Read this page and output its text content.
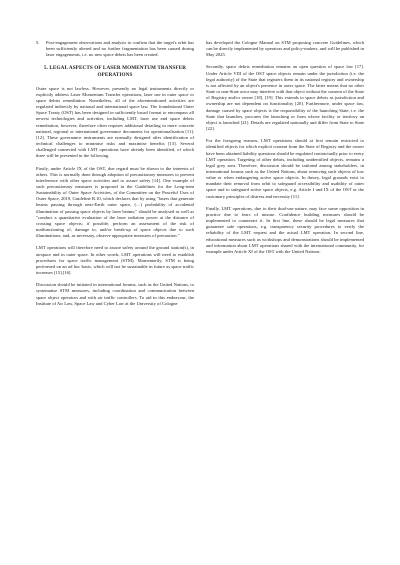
5.	Post-engagement observations and analysis to confirm that the target's orbit has been sufficiently altered and no further fragmentation has been caused during laser engagements, i.e. no new space debris has been created.
5. LEGAL ASPECTS OF LASER MOMENTUM TRANSFER OPERATIONS

Outer space is not lawless. However, presently no legal instruments directly or explicitly address Laser Momentum Transfer operations, laser use in outer space or space debris remediation. Nonetheless, all of the aforementioned activities are regulated indirectly by national and international space law. The foundational Outer Space Treaty (OST) has been designed in sufficiently broad format to encompass all newest technologies and activities, including LMT, laser use and space debris remediation, however, therefore often requires additional detailing in more concrete national, regional or international governance documents for operationalisation [11], [12]. These governance instruments are normally designed after identification of technical challenges to minimise risks and maximise benefits [13]. Several challenged connected with LMT operations have already been identified, of which three will be presented in the following.

Firstly, under Article IX of the OST, due regard must be shown to the interests of others. This is normally done through adoption of precautionary measures to prevent interference with other space activities and to assure safety [14]. One example of such precautionary measures is proposed in the Guidelines for the Long-term Sustainability of Outer Space Activities, of the Committee on the Peaceful Uses of Outer Space, 2019, Guideline B.10, which declares that by using "lasers that generate beams passing through near-Earth outer space, (…) probability of accidental illumination of passing space objects by laser beams;" should be analysed as well as "conduct a quantitative evaluation of the laser radiation power at the distance of crossing space objects; if possible, perform an assessment of the risk of malfunctioning of, damage to, and/or break-up of space objects due to such illuminations; and, as necessary, observe appropriate measures of precaution."

LMT operations will therefore need to assure safety around the ground station(s), in airspace and in outer space. In other words, LMT operations will need to establish procedures for space traffic management (STM). Momentarily, STM is being performed on an ad hoc basis, which will not be sustainable in future as space traffic increases [15],[16].

Discussion should be initiated in international forums, such as the United Nations, to systematise STM measures, including coordination and communication between space object operators and with air traffic controllers. To aid in this endeavour, the Institute of Air Law, Space Law and Cyber Law at the University of Cologne

has developed the Cologne Manual on STM proposing concrete Guidelines, which can be directly implemented by operators and policy-makers, and will be published in May 2025.

Secondly, space debris remediation remains an open question of space law [17]. Under Article VIII of the OST space objects remain under the jurisdiction (i.e. the legal authority) of the State that registers them in its national registry and ownership is not affected by an object's presence in outer space. The latter means that no other State or non-State actor may interfere with that object without the consent of the State of Registry and/or owner [18], [19]. This extends to space debris as jurisdiction and ownership are not dependent on functionality [20]. Furthermore, under space law, damage caused by space objects is the responsibility of the launching State, i.e. the State that launches, procures the launching or from whose facility or territory an object is launched [21]. Details are regulated nationally and differ from State to State [22].

For the foregoing reasons, LMT operations should at first remain restricted to identified objects for which explicit consent from the State of Registry and the owner have been obtained liability questions should be regulated contractually prior to every LMT operation. Targeting of other debris, including unidentified objects, remains a legal grey area. Therefore, discussion should be initiated among stakeholders, in international forums such as the United Nations, about removing such objects of low value or when endangering active space objects. In theory, legal grounds exist to mandate their removal from orbit to safeguard accessibility and usability of outer space and to safeguard active space objects, e.g. Article I and IX of the OST or the customary principles of distress and necessity [11].

Finally, LMT operations, due to their dual-use nature, may face some opposition in practice due to fears of misuse. Confidence building measures should be implemented to counteract it. In first line, these should be legal measures that guarantee safe operations, e.g. transparency security procedures to verify the reliability of the LMT request and the actual LMT operation. In second line, educational measures such as workshops and demonstrations should be implemented and information about LMT operations shared with the international community, for example under Article XI of the OST with the United Nations.
